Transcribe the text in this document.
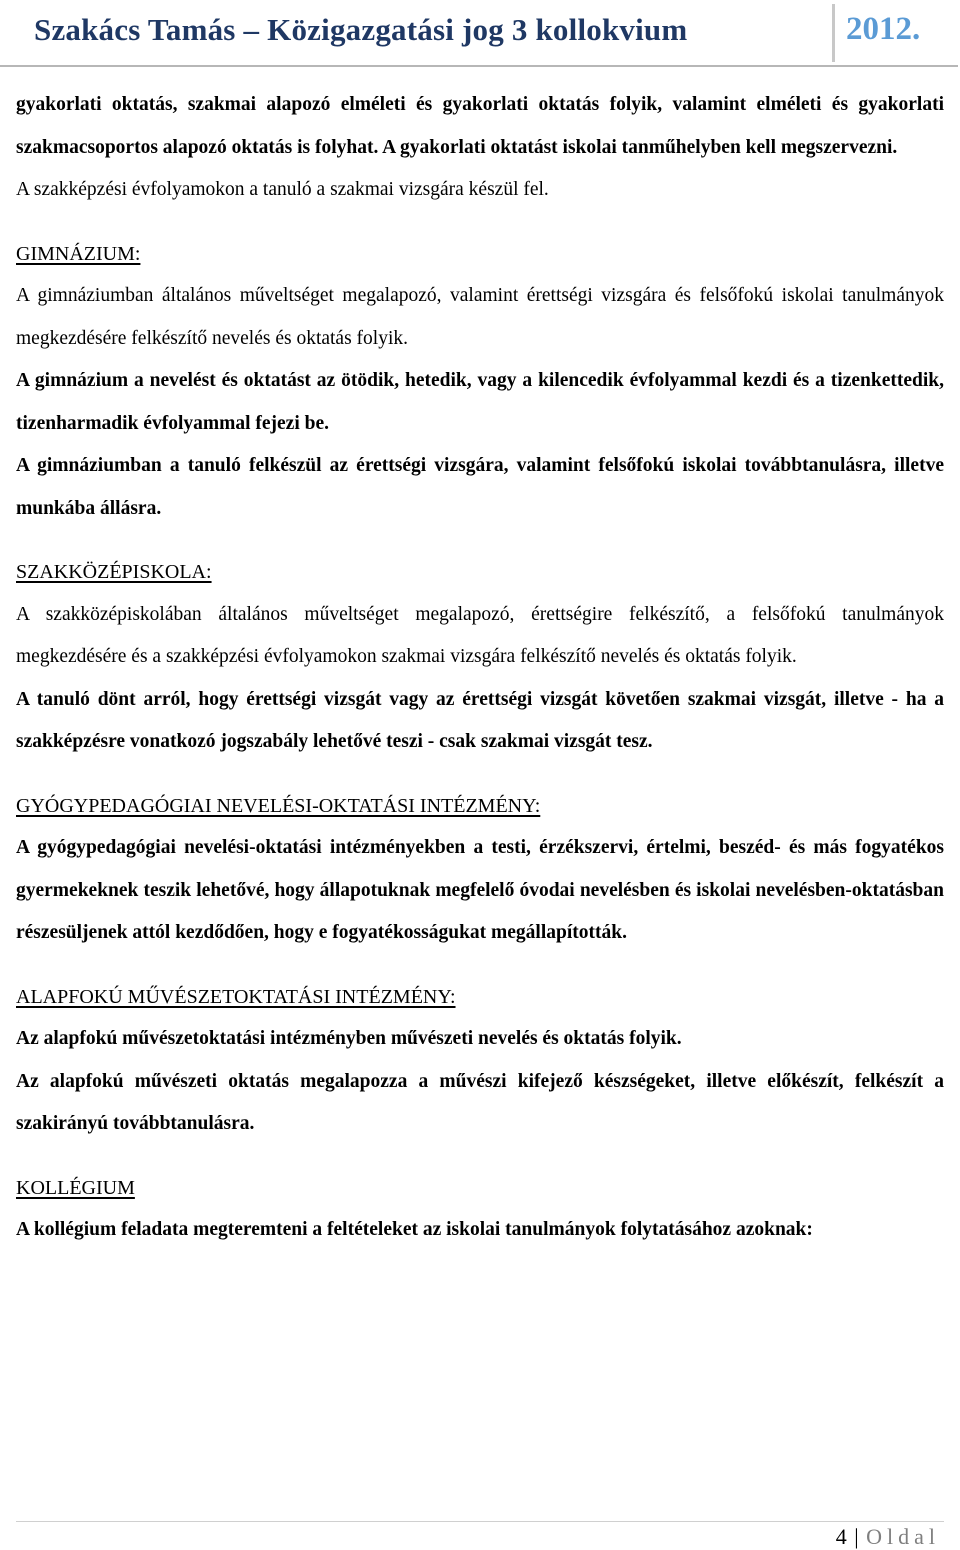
Szakács Tamás – Közigazgatási jog 3 kollokvium	2012.

gyakorlati oktatás, szakmai alapozó elméleti és gyakorlati oktatás folyik, valamint elméleti és gyakorlati szakmacsoportos alapozó oktatás is folyhat. A gyakorlati oktatást iskolai tanműhelyben kell megszervezni.

A szakképzési évfolyamokon a tanuló a szakmai vizsgára készül fel.

GIMNÁZIUM:

A gimnáziumban általános műveltséget megalapozó, valamint érettségi vizsgára és felsőfokú iskolai tanulmányok megkezdésére felkészítő nevelés és oktatás folyik.

A gimnázium a nevelést és oktatást az ötödik, hetedik, vagy a kilencedik évfolyammal kezdi és a tizenkettedik, tizenharmadik évfolyammal fejezi be.

A gimnáziumban a tanuló felkészül az érettségi vizsgára, valamint felsőfokú iskolai továbbtanulásra, illetve munkába állásra.

SZAKKÖZÉPISKOLA:

A szakközépiskolában általános műveltséget megalapozó, érettségire felkészítő, a felsőfokú tanulmányok megkezdésére és a szakképzési évfolyamokon szakmai vizsgára felkészítő nevelés és oktatás folyik.

A tanuló dönt arról, hogy érettségi vizsgát vagy az érettségi vizsgát követően szakmai vizsgát, illetve - ha a szakképzésre vonatkozó jogszabály lehetővé teszi - csak szakmai vizsgát tesz.

GYÓGYPEDAGÓGIAI NEVELÉSI-OKTATÁSI INTÉZMÉNY:

A gyógypedagógiai nevelési-oktatási intézményekben a testi, érzékszervi, értelmi, beszéd- és más fogyatékos gyermekeknek teszik lehetővé, hogy állapotuknak megfelelő óvodai nevelésben és iskolai nevelésben-oktatásban részesüljenek attól kezdődően, hogy e fogyatékosságukat megállapították.

ALAPFOKÚ MŰVÉSZETOKTATÁSI INTÉZMÉNY:

Az alapfokú művészetoktatási intézményben művészeti nevelés és oktatás folyik.

Az alapfokú művészeti oktatás megalapozza a művészi kifejező készségeket, illetve előkészít, felkészít a szakirányú továbbtanulásra.

KOLLÉGIUM

A kollégium feladata megteremteni a feltételeket az iskolai tanulmányok folytatásához azoknak:

4 | Oldal
